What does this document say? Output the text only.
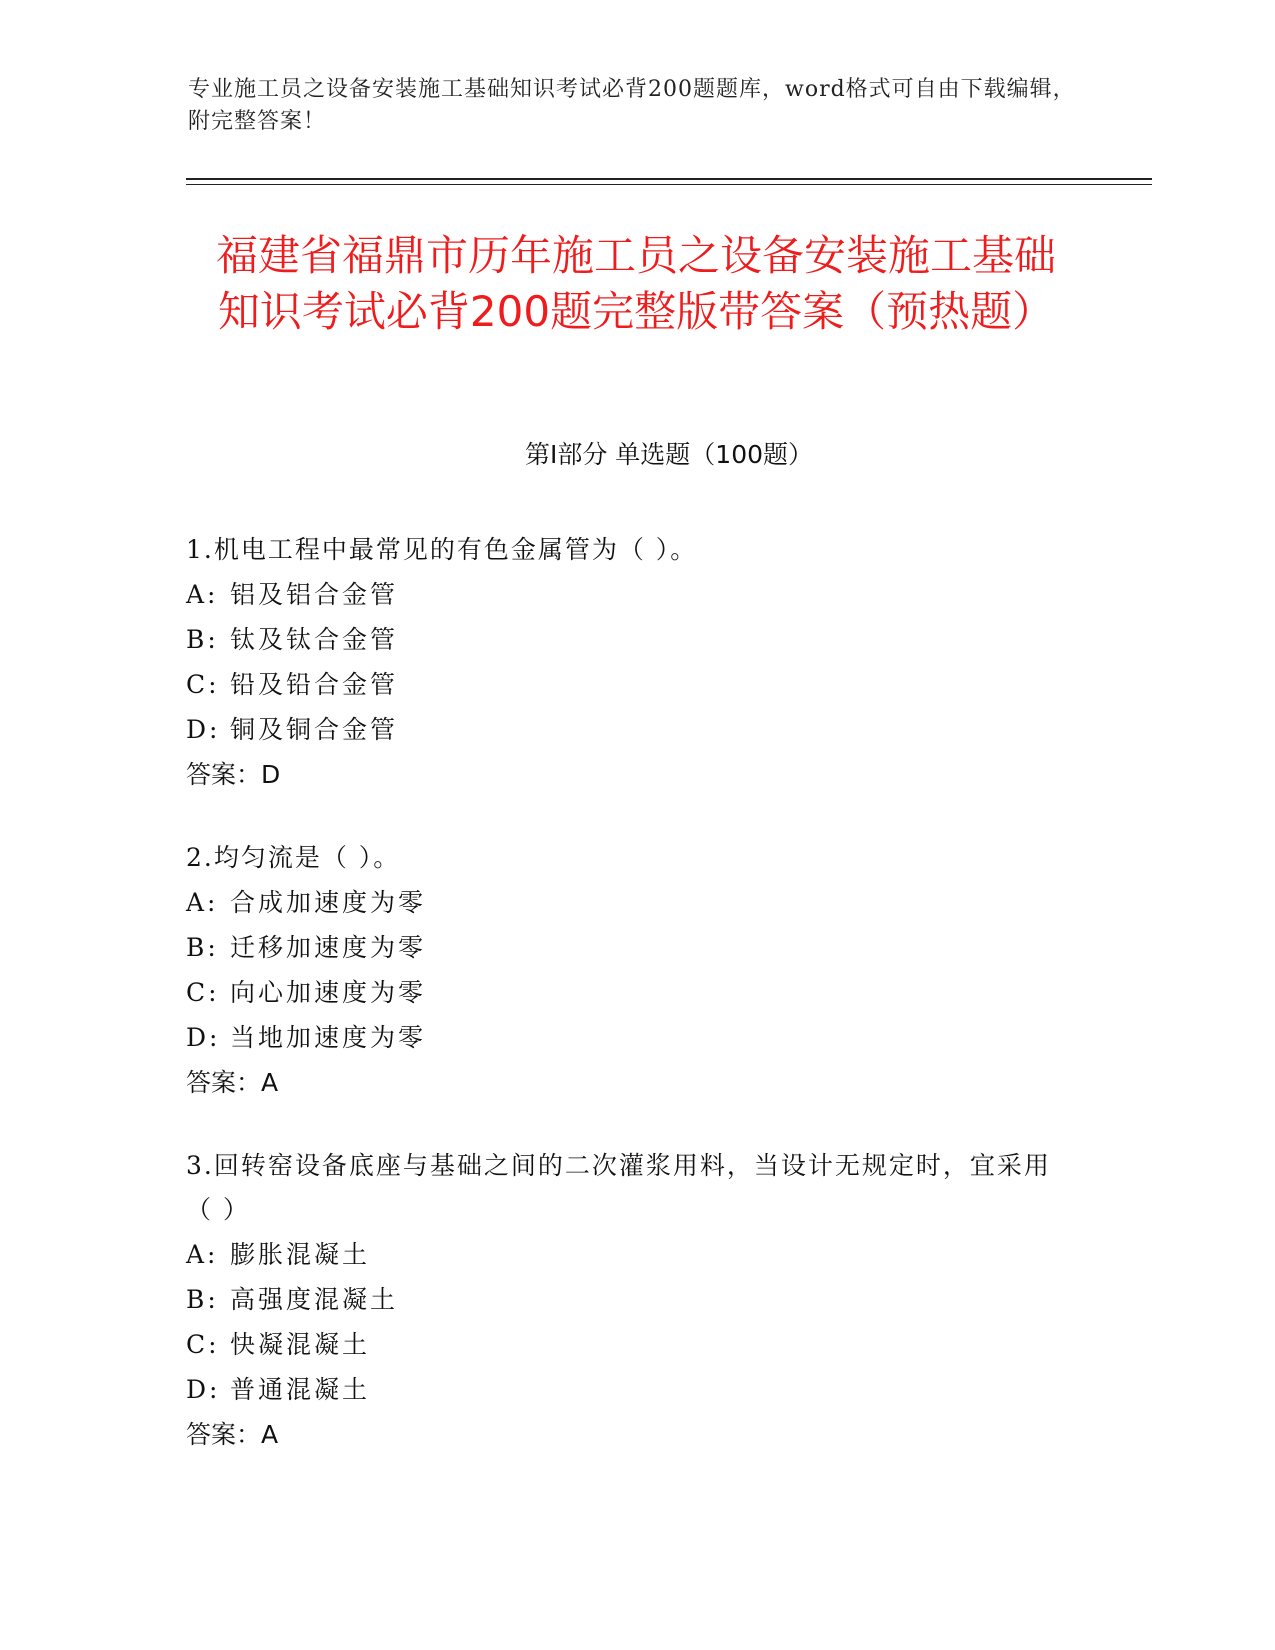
专业施工员之设备安装施工基础知识考试必背200题题库，word格式可自由下载编辑，附完整答案！
福建省福鼎市历年施工员之设备安装施工基础知识考试必背200题完整版带答案（预热题）
第I部分 单选题（100题）
1.机电工程中最常见的有色金属管为（ ）。
A: 铝及铝合金管
B: 钛及钛合金管
C: 铅及铅合金管
D: 铜及铜合金管
答案：D
2.均匀流是（ ）。
A: 合成加速度为零
B: 迁移加速度为零
C: 向心加速度为零
D: 当地加速度为零
答案：A
3.回转窑设备底座与基础之间的二次灌浆用料，当设计无规定时，宜采用（ ）
A: 膨胀混凝土
B: 高强度混凝土
C: 快凝混凝土
D: 普通混凝土
答案：A
